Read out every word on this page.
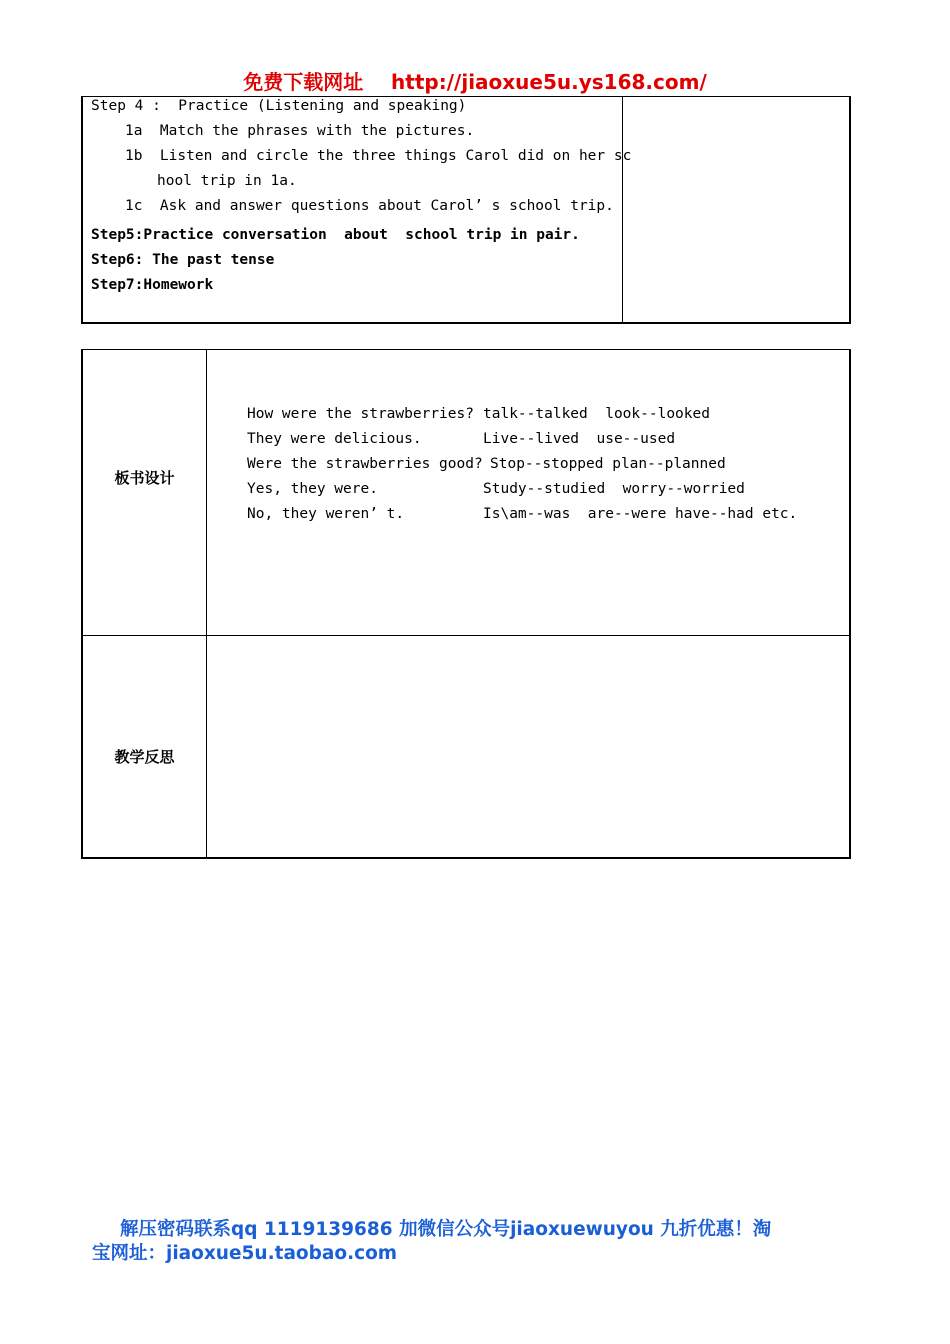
免费下载网址    http://jiaoxue5u.ys168.com/
Step 4 :  Practice (Listening and speaking)
1a  Match the phrases with the pictures.
1b  Listen and circle the three things Carol did on her sc
hool trip in 1a.
1c  Ask and answer questions about Carol’ s school trip.
Step5:Practice conversation  about  school trip in pair.
Step6: The past tense
Step7:Homework
板书设计
How were the strawberries? talk--talked  look--looked
They were delicious.	Live--lived  use--used
Were the strawberries good? Stop--stopped plan--planned
Yes, they were.	Study--studied  worry--worried
No, they weren’ t.	Is\am--was  are--were have--had etc.
教学反思
解压密码联系qq 1119139686 加微信公众号jiaoxuewuyou 九折优惠！淘
宝网址：jiaoxue5u.taobao.com
